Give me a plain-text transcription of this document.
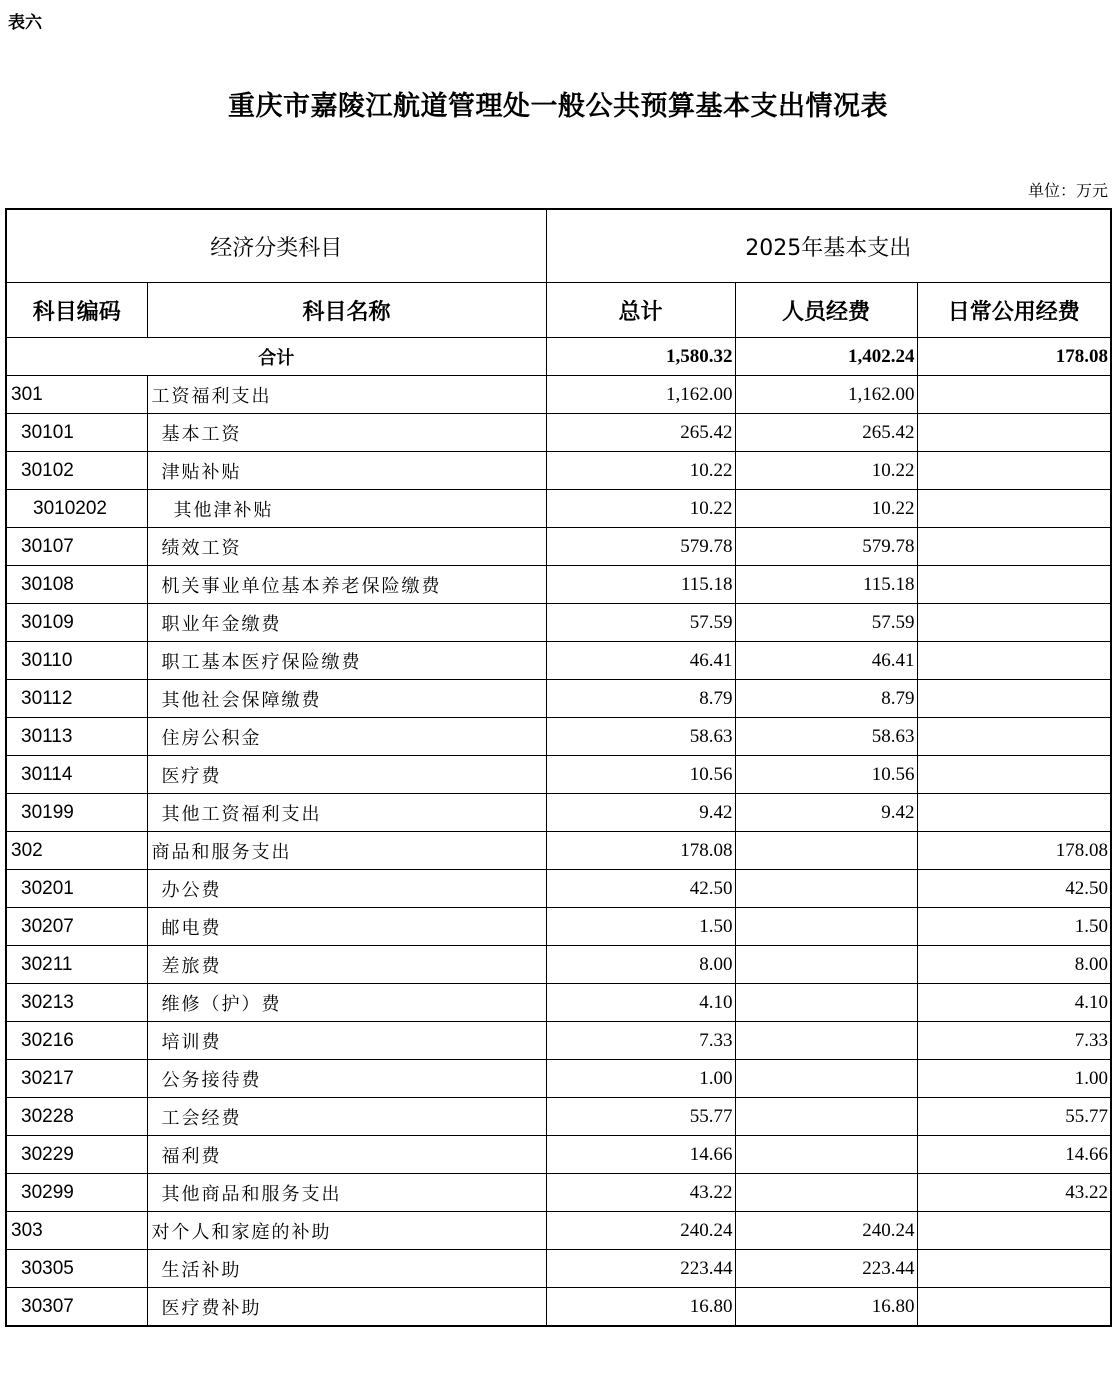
表六
重庆市嘉陵江航道管理处一般公共预算基本支出情况表
单位：万元
经济分类科目		2025年基本支出		
科目编码	科目名称	总计	人员经费	日常公用经费
合计		1,580.32	1,402.24	178.08
301	工资福利支出	1,162.00	1,162.00	
30101	基本工资	265.42	265.42	
30102	津贴补贴	10.22	10.22	
3010202	其他津补贴	10.22	10.22	
30107	绩效工资	579.78	579.78	
30108	机关事业单位基本养老保险缴费	115.18	115.18	
30109	职业年金缴费	57.59	57.59	
30110	职工基本医疗保险缴费	46.41	46.41	
30112	其他社会保障缴费	8.79	8.79	
30113	住房公积金	58.63	58.63	
30114	医疗费	10.56	10.56	
30199	其他工资福利支出	9.42	9.42	
302	商品和服务支出	178.08		178.08
30201	办公费	42.50		42.50
30207	邮电费	1.50		1.50
30211	差旅费	8.00		8.00
30213	维修（护）费	4.10		4.10
30216	培训费	7.33		7.33
30217	公务接待费	1.00		1.00
30228	工会经费	55.77		55.77
30229	福利费	14.66		14.66
30299	其他商品和服务支出	43.22		43.22
303	对个人和家庭的补助	240.24	240.24	
30305	生活补助	223.44	223.44	
30307	医疗费补助	16.80	16.80	
